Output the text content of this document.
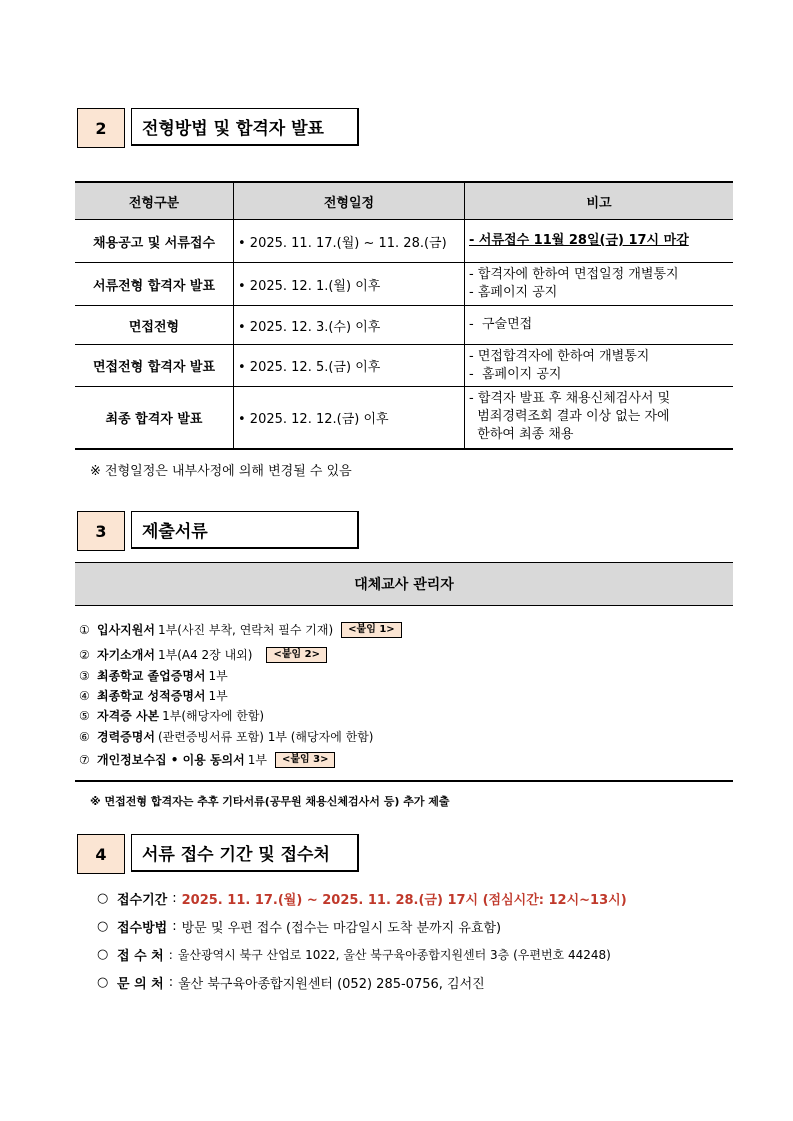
2	전형방법 및 합격자 발표
전형구분	전형일정	비고
채용공고 및 서류접수	• 2025. 11. 17.(월) ~ 11. 28.(금)	- 서류접수 11월 28일(금) 17시 마감

서류전형 합격자 발표	• 2025. 12. 1.(월) 이후	- 합격자에 한하여 면접일정 개별통지
- 홈페이지 공지

면접전형	• 2025. 12. 3.(수) 이후	-  구술면접

면접전형 합격자 발표	• 2025. 12. 5.(금) 이후	- 면접합격자에 한하여 개별통지
-  홈페이지 공지

최종 합격자 발표	• 2025. 12. 12.(금) 이후	- 합격자 발표 후 채용신체검사서 및
범죄경력조회 결과 이상 없는 자에
한하여 최종 채용
※ 전형일정은 내부사정에 의해 변경될 수 있음
3	제출서류
대체교사 관리자
① 입사지원서 1부(사진 부착, 연락처 필수 기재)	<붙임 1>
② 자기소개서 1부(A4 2장 내외)	<붙임 2>
③ 최종학교 졸업증명서 1부
④ 최종학교 성적증명서 1부
⑤ 자격증 사본 1부(해당자에 한함)
⑥ 경력증명서 (관련증빙서류 포함) 1부 (해당자에 한함)
⑦ 개인정보수집 • 이용 동의서 1부	<붙임 3>
※ 면접전형 합격자는 추후 기타서류(공무원 채용신체검사서 등) 추가 제출
4	서류 접수 기간 및 접수처
○ 접수기간 : 2025. 11. 17.(월) ~ 2025. 11. 28.(금) 17시 (점심시간: 12시~13시)
○ 접수방법 : 방문 및 우편 접수 (접수는 마감일시 도착 분까지 유효함)
○ 접 수 처 : 울산광역시 북구 산업로 1022, 울산 북구육아종합지원센터 3층 (우편번호 44248)
○ 문 의 처 : 울산 북구육아종합지원센터 (052) 285-0756, 김서진
